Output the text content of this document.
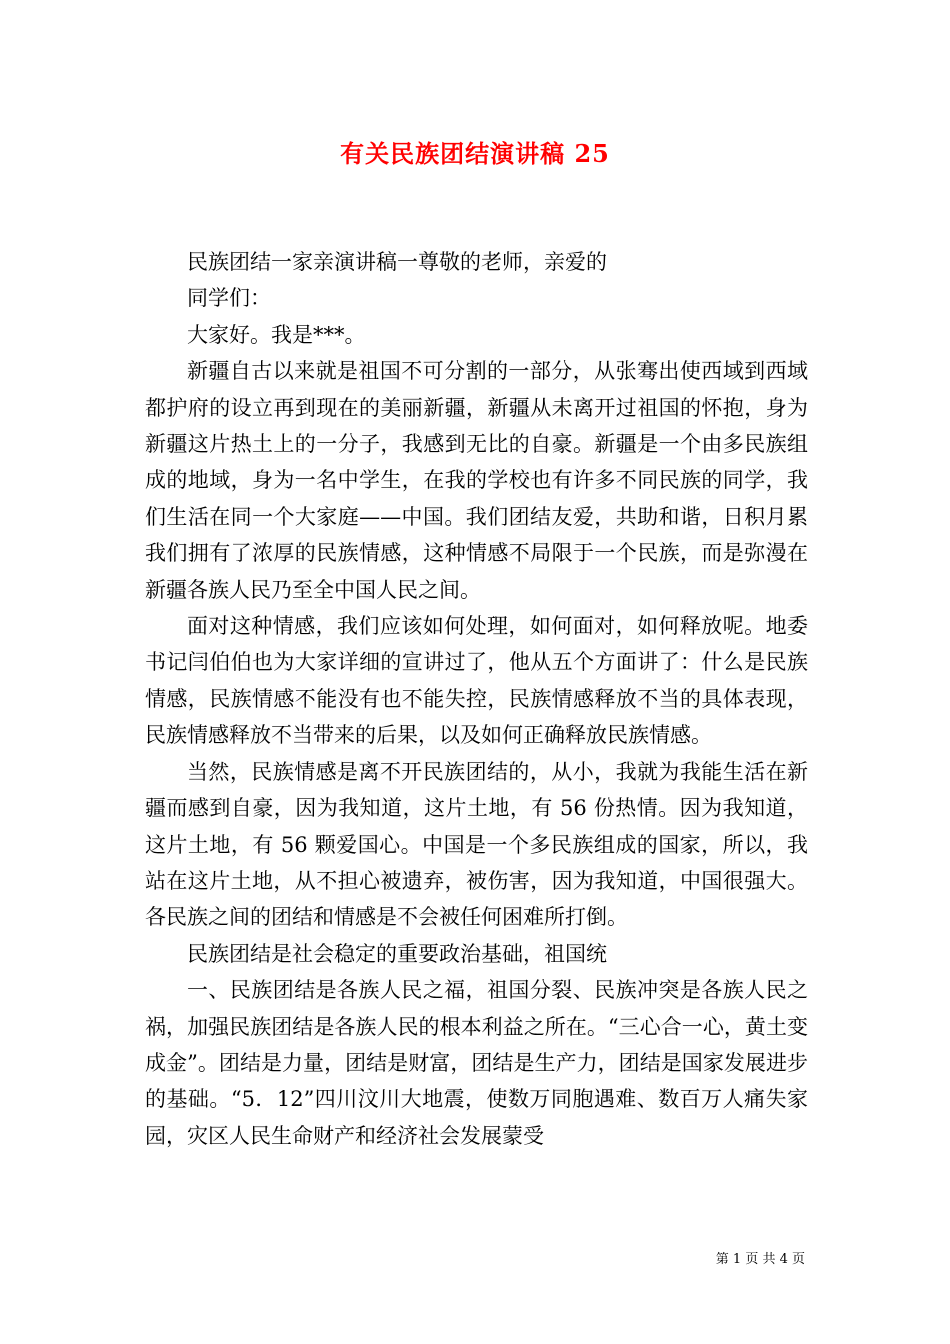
有关民族团结演讲稿 25

民族团结一家亲演讲稿一尊敬的老师，亲爱的

同学们：

大家好。我是***。

新疆自古以来就是祖国不可分割的一部分，从张骞出使西域到西域都护府的设立再到现在的美丽新疆，新疆从未离开过祖国的怀抱，身为新疆这片热土上的一分子，我感到无比的自豪。新疆是一个由多民族组成的地域，身为一名中学生，在我的学校也有许多不同民族的同学，我们生活在同一个大家庭——中国。我们团结友爱，共助和谐，日积月累我们拥有了浓厚的民族情感，这种情感不局限于一个民族，而是弥漫在新疆各族人民乃至全中国人民之间。

面对这种情感，我们应该如何处理，如何面对，如何释放呢。地委书记闫伯伯也为大家详细的宣讲过了，他从五个方面讲了：什么是民族情感，民族情感不能没有也不能失控，民族情感释放不当的具体表现，民族情感释放不当带来的后果，以及如何正确释放民族情感。

当然，民族情感是离不开民族团结的，从小，我就为我能生活在新疆而感到自豪，因为我知道，这片土地，有 56 份热情。因为我知道，这片土地，有 56 颗爱国心。中国是一个多民族组成的国家，所以，我站在这片土地，从不担心被遗弃，被伤害，因为我知道，中国很强大。各民族之间的团结和情感是不会被任何困难所打倒。

民族团结是社会稳定的重要政治基础，祖国统

一、民族团结是各族人民之福，祖国分裂、民族冲突是各族人民之祸，加强民族团结是各族人民的根本利益之所在。“三心合一心，黄土变成金”。团结是力量，团结是财富，团结是生产力，团结是国家发展进步的基础。“5．12”四川汶川大地震，使数万同胞遇难、数百万人痛失家园，灾区人民生命财产和经济社会发展蒙受

第 1 页 共 4 页
